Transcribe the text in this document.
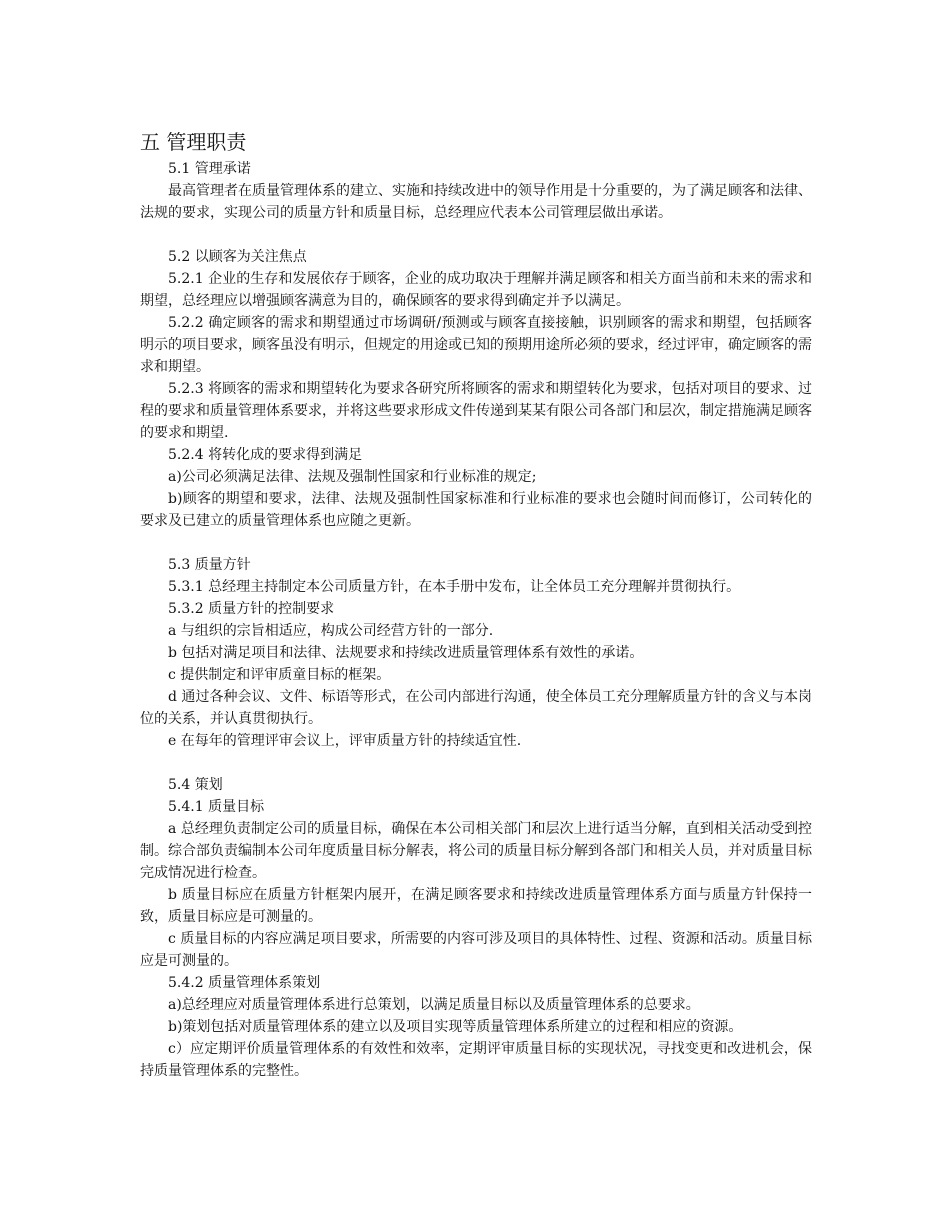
五 管理职责

5.1 管理承诺

最高管理者在质量管理体系的建立、实施和持续改进中的领导作用是十分重要的，为了满足顾客和法律、法规的要求，实现公司的质量方针和质量目标，总经理应代表本公司管理层做出承诺。

5.2 以顾客为关注焦点

5.2.1 企业的生存和发展依存于顾客，企业的成功取决于理解并满足顾客和相关方面当前和未来的需求和期望，总经理应以增强顾客满意为目的，确保顾客的要求得到确定并予以满足。

5.2.2 确定顾客的需求和期望通过市场调研/预测或与顾客直接接触，识别顾客的需求和期望，包括顾客明示的项目要求，顾客虽没有明示，但规定的用途或已知的预期用途所必须的要求，经过评审，确定顾客的需求和期望。

5.2.3 将顾客的需求和期望转化为要求各研究所将顾客的需求和期望转化为要求，包括对项目的要求、过程的要求和质量管理体系要求，并将这些要求形成文件传递到某某有限公司各部门和层次，制定措施满足顾客的要求和期望.

5.2.4 将转化成的要求得到满足

a)公司必须满足法律、法规及强制性国家和行业标准的规定;

b)顾客的期望和要求，法律、法规及强制性国家标准和行业标准的要求也会随时间而修订，公司转化的要求及已建立的质量管理体系也应随之更新。

5.3 质量方针

5.3.1 总经理主持制定本公司质量方针，在本手册中发布，让全体员工充分理解并贯彻执行。

5.3.2 质量方针的控制要求

a 与组织的宗旨相适应，构成公司经营方针的一部分.

b 包括对满足项目和法律、法规要求和持续改进质量管理体系有效性的承诺。

c 提供制定和评审质童目标的框架。

d 通过各种会议、文件、标语等形式，在公司内部进行沟通，使全体员工充分理解质量方针的含义与本岗位的关系，并认真贯彻执行。

e 在每年的管理评审会议上，评审质量方针的持续适宜性.

5.4 策划

5.4.1 质量目标

a 总经理负责制定公司的质量目标，确保在本公司相关部门和层次上进行适当分解，直到相关活动受到控制。综合部负责编制本公司年度质量目标分解表，将公司的质量目标分解到各部门和相关人员，并对质量目标完成情况进行检查。

b 质量目标应在质量方针框架内展开，在满足顾客要求和持续改进质量管理体系方面与质量方针保持一致，质量目标应是可测量的。

c 质量目标的内容应满足项目要求，所需要的内容可涉及项目的具体特性、过程、资源和活动。质量目标应是可测量的。

5.4.2 质量管理体系策划

a)总经理应对质量管理体系进行总策划，以满足质量目标以及质量管理体系的总要求。

b)策划包括对质量管理体系的建立以及项目实现等质量管理体系所建立的过程和相应的资源。

c）应定期评价质量管理体系的有效性和效率，定期评审质量目标的实现状况，寻找变更和改进机会，保持质量管理体系的完整性。
